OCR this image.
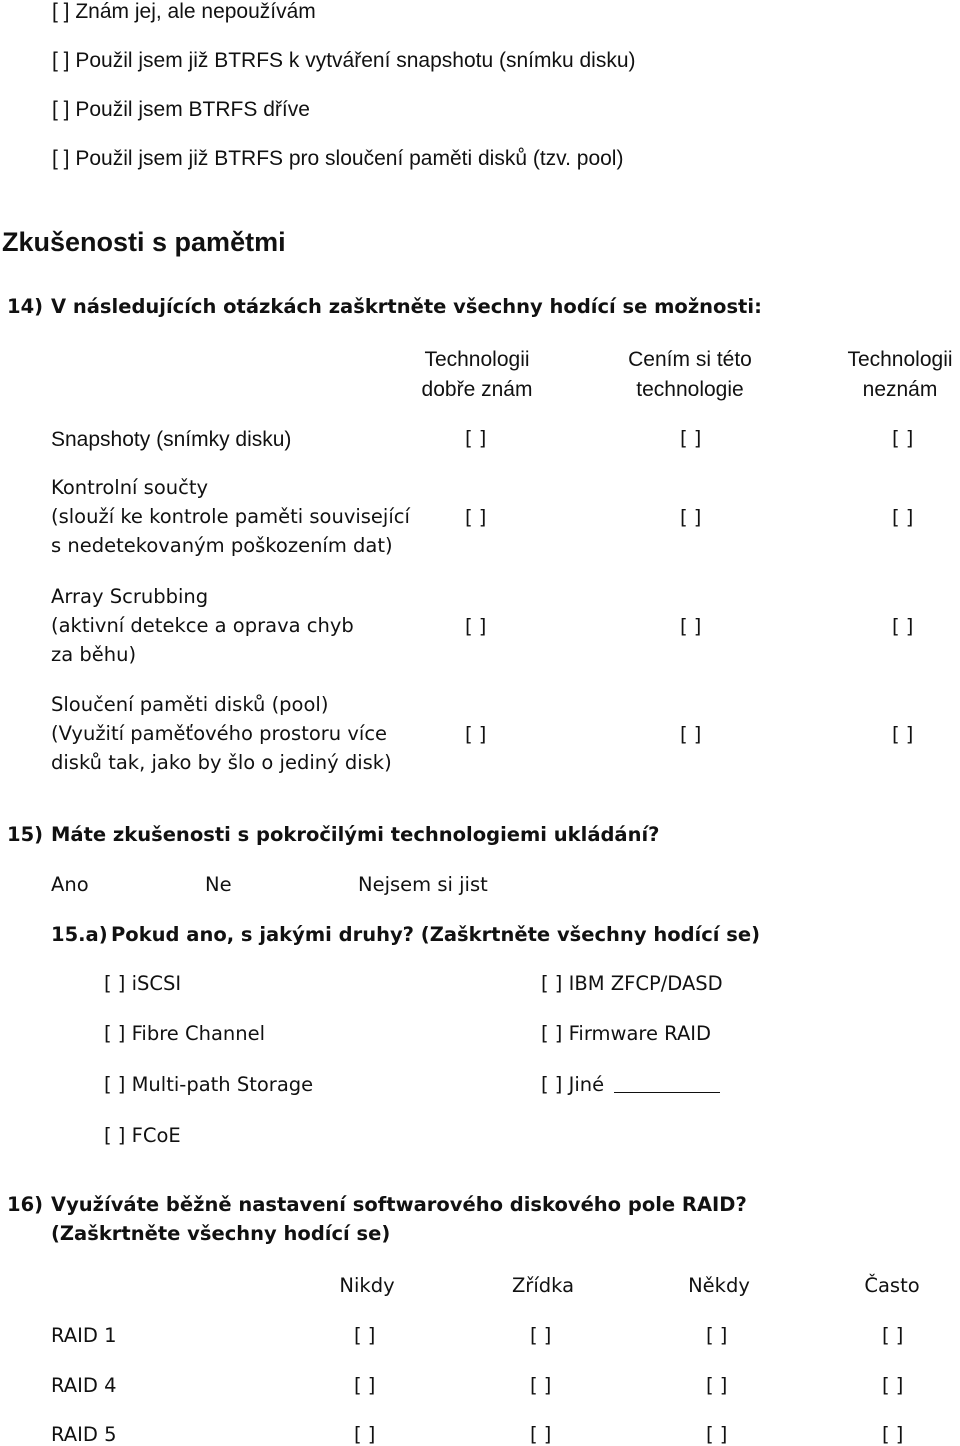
[ ] Znám jej, ale nepoužívám
[ ] Použil jsem již BTRFS k vytváření snapshotu (snímku disku)
[ ] Použil jsem BTRFS dříve
[ ] Použil jsem již BTRFS pro sloučení paměti disků (tzv. pool)
Zkušenosti s pamětmi
14) V následujících otázkách zaškrtněte všechny hodící se možnosti:
Technologii
dobře znám
Cením si této
technologie
Technologii
neznám
Snapshoty (snímky disku)	[ ]	[ ]	[ ]
Kontrolní součty
(slouží ke kontrole paměti související
s nedetekovaným poškozením dat)
[ ]	[ ]	[ ]
Array Scrubbing
(aktivní detekce a oprava chyb
za běhu)
[ ]	[ ]	[ ]
Sloučení paměti disků (pool)
(Využití paměťového prostoru více
disků tak, jako by šlo o jediný disk)
[ ]	[ ]	[ ]
15) Máte zkušenosti s pokročilými technologiemi ukládání?
Ano	Ne	Nejsem si jist
15.a) Pokud ano, s jakými druhy? (Zaškrtněte všechny hodící se)
[ ] iSCSI
[ ] Fibre Channel
[ ] Multi-path Storage
[ ] FCoE
[ ] IBM ZFCP/DASD
[ ] Firmware RAID
[ ] Jiné
16) Využíváte běžně nastavení softwarového diskového pole RAID?
(Zaškrtněte všechny hodící se)
Nikdy	Zřídka	Někdy	Často
RAID 1	[ ]	[ ]	[ ]	[ ]
RAID 4	[ ]	[ ]	[ ]	[ ]
RAID 5	[ ]	[ ]	[ ]	[ ]
